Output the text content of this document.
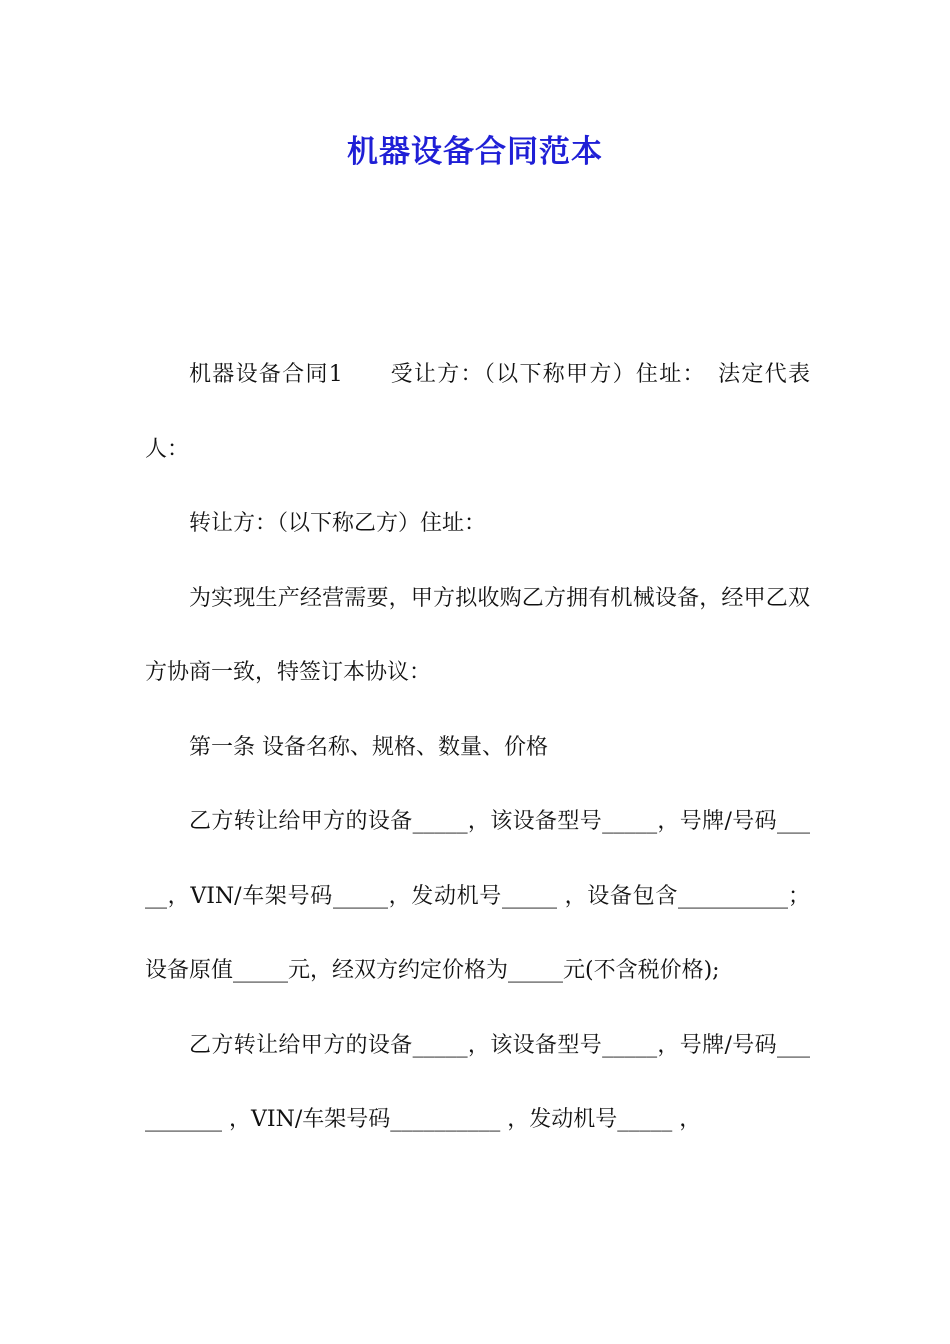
机器设备合同范本

机器设备合同1　　受让方：（以下称甲方）住址：　法定代表人：

转让方：（以下称乙方）住址：

为实现生产经营需要，甲方拟收购乙方拥有机械设备，经甲乙双方协商一致，特签订本协议：

第一条 设备名称、规格、数量、价格

乙方转让给甲方的设备_____，该设备型号_____，号牌/号码_____，VIN/车架号码_____，发动机号_____ ，设备包含__________；设备原值_____元，经双方约定价格为_____元(不含税价格);

乙方转让给甲方的设备_____，该设备型号_____，号牌/号码__________ ，VIN/车架号码__________ ，发动机号_____ ，
